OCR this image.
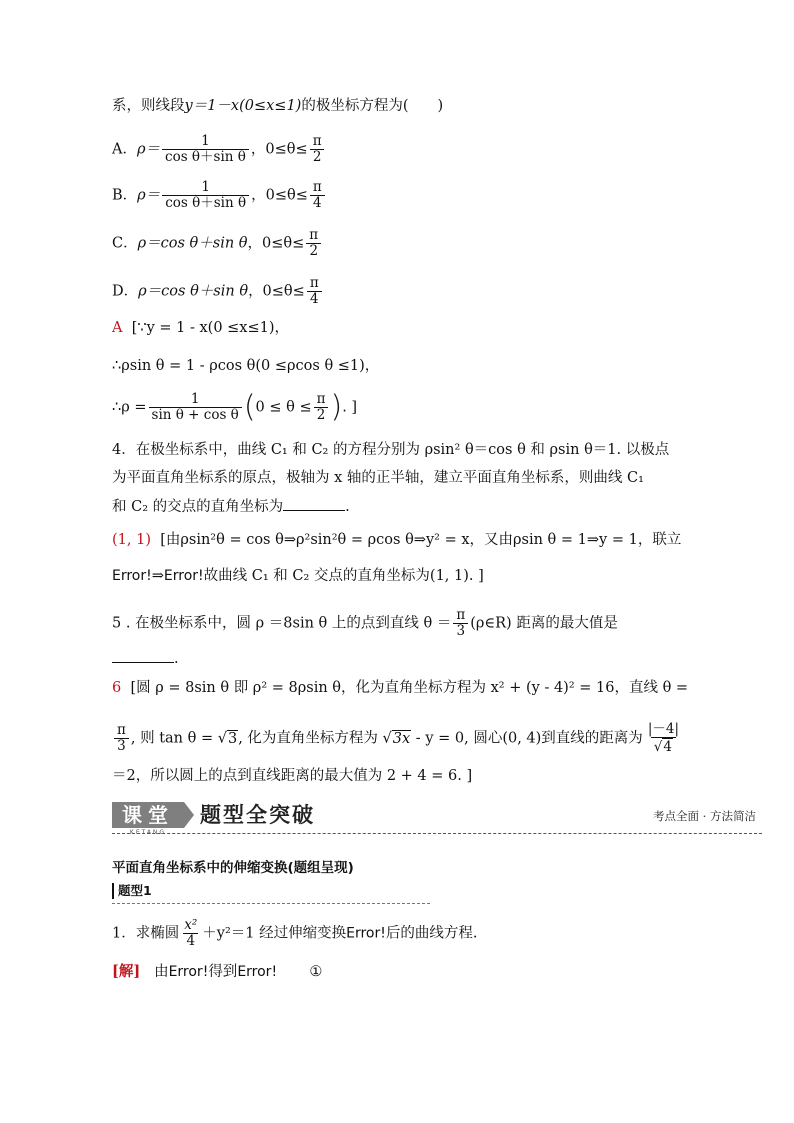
系，则线段y＝1－x(0≤x≤1)的极坐标方程为(　　)
A．$\rho= \frac{1}{\text{cos θ＋sin θ}}$ ，$0\le\theta\le \frac{\pi}{2}$
B．$\rho= \frac{1}{\text{cos θ＋sin θ}}$ ，$0\le\theta\le \frac{\pi}{4}$
C．ρ＝cos θ＋sin θ，$0\le\theta\le \frac{\pi}{2}$
D．ρ＝cos θ＋sin θ，$0\le\theta\le \frac{\pi}{4}$
A [∵y = 1 - x(0 ≤x≤1)，
∴ρsin θ = 1 - ρcos θ(0 ≤ρcos θ ≤1)，
∴ρ = $\frac{1}{\text{sin θ + cos θ}} (0 \le \theta \le \frac{\pi}{2}$ ). ]
4．在极坐标系中，曲线 C₁ 和 C₂ 的方程分别为 ρsin² θ＝cos θ 和 ρsin θ＝1. 以极点
为平面直角坐标系的原点，极轴为 x 轴的正半轴，建立平面直角坐标系，则曲线 C₁
和 C₂ 的交点的直角坐标为	.
(1, 1) [由ρsin²θ = cos θ⇒ρ²sin²θ = ρcos θ⇒y² = x，又由ρsin θ = 1⇒y = 1，联立
Error!⇒Error!故曲线 C₁ 和 C₂ 交点的直角坐标为(1, 1). ]
5 . 在极坐标系中，圆 ρ ＝8sin θ 上的点到直线 $\theta = \frac{\pi}{3}$ (ρ∈R) 距离的最大值是
.
6 [圆 ρ = 8sin θ 即 ρ² = 8ρsin θ，化为直角坐标方程为 x² + (y - 4)² = 16，直线 θ =
$\frac{\pi}{3}$ , 则 tan θ = √3, 化为直角坐标方程为 √3x - y = 0, 圆心(0, 4)到直线的距离为 $\frac{|-4|}{√4}$
＝2，所以圆上的点到直线距离的最大值为 2 + 4 = 6. ]
课堂
KETANG
题型全突破	考点全面 · 方法简洁
平面直角坐标系中的伸缩变换(题组呈现)
题型1
1．求椭圆 $\frac{\text{x²}}{4} +y^2=1$ 经过伸缩变换Error!后的曲线方程.
[解] 由Error!得到Error! ①
